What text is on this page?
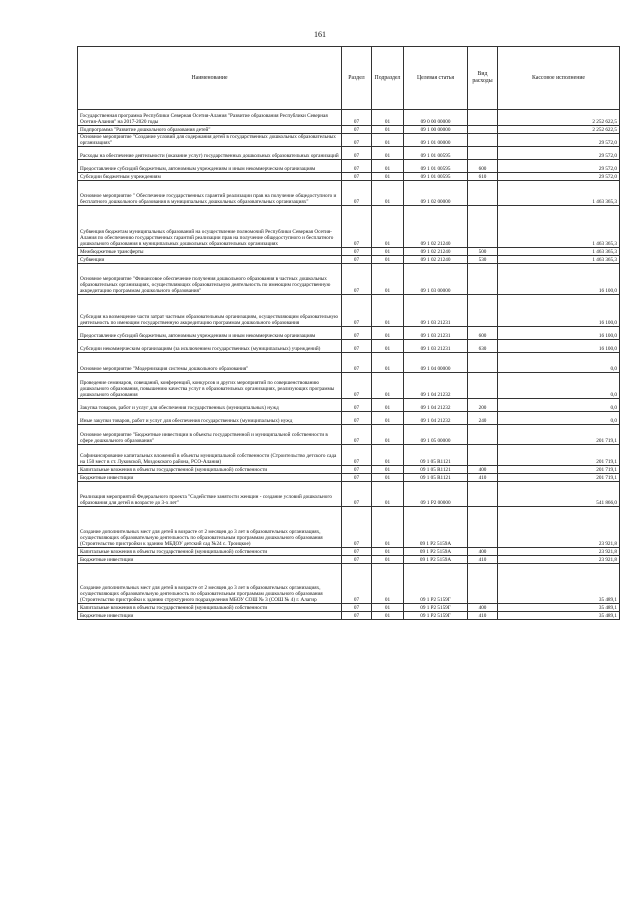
161
Наименование	Раздел	Подраздел	Целевая статья	Вид расходы	Кассовое исполнение
Государственная программа Республики Северная Осетия-Алания "Развитие образования Республики Северная Осетия-Алания" на 2017-2020 годы	07	01	09 0 00 00000		2 252 622,5
Подпрограмма "Развитие дошкольного образования детей"	07	01	09 1 00 00000		2 252 622,5
Основное мероприятие "Создание условий для содержания детей в государственных дошкольных образовательных организациях"	07	01	09 1 01 00000		29 572,0
Расходы на обеспечение деятельности (оказание услуг) государственных дошкольных образовательных организаций	07	01	09 1 01 00595		29 572,0
Предоставление субсидий бюджетным, автономным учреждениям и иным некоммерческим организациям	07	01	09 1 01 00595	600	29 572,0
Субсидии бюджетным учреждениям	07	01	09 1 01 00595	610	29 572,0
Основное мероприятие " Обеспечение государственных гарантий реализации прав на получение общедоступного и бесплатного дошкольного образования в муниципальных дошкольных образовательных организациях"	07	01	09 1 02 00000		1 463 365,3
Субвенция бюджетам муниципальных образований на осуществление полномочий Республики Северная Осетия-Алания по обеспечению государственных гарантий реализации прав на получение общедоступного и бесплатного дошкольного образования в муниципальных дошкольных образовательных организациях	07	01	09 1 02 21240		1 463 365,3
Межбюджетные трансферты	07	01	09 1 02 21240	500	1 463 365,3
Субвенции	07	01	09 1 02 21240	530	1 463 365,3
Основное мероприятие "Финансовое обеспечение получения дошкольного образования в частных дошкольных образовательных организациях, осуществляющих образовательную деятельность по имеющим государственную аккредитацию программам дошкольного образования"	07	01	09 1 03 00000		16 100,0
Субсидия на возмещение части затрат частным образовательным организациям, осуществляющим образовательную деятельность по имеющим государственную аккредитацию программам дошкольного образования	07	01	09 1 03 21231		16 100,0
Предоставление субсидий бюджетным, автономным учреждениям и иным некоммерческим организациям	07	01	09 1 03 21231	600	16 100,0
Субсидии некоммерческим организациям (за исключением государственных (муниципальных) учреждений)	07	01	09 1 03 21231	630	16 100,0
Основное мероприятие "Модернизация системы дошкольного образования"	07	01	09 1 04 00000		0,0
Проведение семинаров, совещаний, конференций, конкурсов и других мероприятий по совершенствованию дошкольного образования, повышению качества услуг в образовательных организациях, реализующих программы дошкольного образования	07	01	09 1 04 21232		0,0
Закупка товаров, работ и услуг для обеспечения государственных (муниципальных) нужд	07	01	09 1 04 21232	200	0,0
Иные закупки товаров, работ и услуг для обеспечения государственных (муниципальных) нужд	07	01	09 1 04 21232	240	0,0
Основное мероприятие "Бюджетные инвестиции в объекты государственной и муниципальной собственности в сфере дошкольного образования"	07	01	09 1 05 00000		201 719,1
Софинансирование капитальных вложений в объекты муниципальной собственности (Строительство детского сада на 150 мест в ст. Луковской, Моздокского района, РСО-Алания)	07	01	09 1 05 R1121		201 719,1
Капитальные вложения в объекты государственной (муниципальной) собственности	07	01	09 1 05 R1121	400	201 719,1
Бюджетные инвестиции	07	01	09 1 05 R1121	410	201 719,1
Реализация мероприятий Федерального проекта "Содействие занятости женщин - создание условий дошкольного образования для детей в возрасте до 3-х лет"	07	01	09 1 P2 00000		541 866,0
Создание дополнительных мест для детей в возрасте от 2 месяцев до 3 лет в образовательных организациях, осуществляющих образовательную деятельность по образовательным программам дошкольного образования (Строительство пристройки к зданию МБДОУ детский сад №24 с. Троицкое)	07	01	09 1 P2 5159А		23 921,8
Капитальные вложения в объекты государственной (муниципальной) собственности	07	01	09 1 P2 5159А	400	23 921,8
Бюджетные инвестиции	07	01	09 1 P2 5159А	410	23 921,8
Создание дополнительных мест для детей в возрасте от 2 месяцев до 3 лет в образовательных организациях, осуществляющих образовательную деятельность по образовательным программам дошкольного образования (Строительство пристройки к зданию структурного подразделения МБОУ СОШ № 3 (СОШ № 4) г. Алагир	07	01	09 1 P2 5159Г		35 489,1
Капитальные вложения в объекты государственной (муниципальной) собственности	07	01	09 1 P2 5159Г	400	35 489,1
Бюджетные инвестиции	07	01	09 1 P2 5159Г	410	35 489,1
